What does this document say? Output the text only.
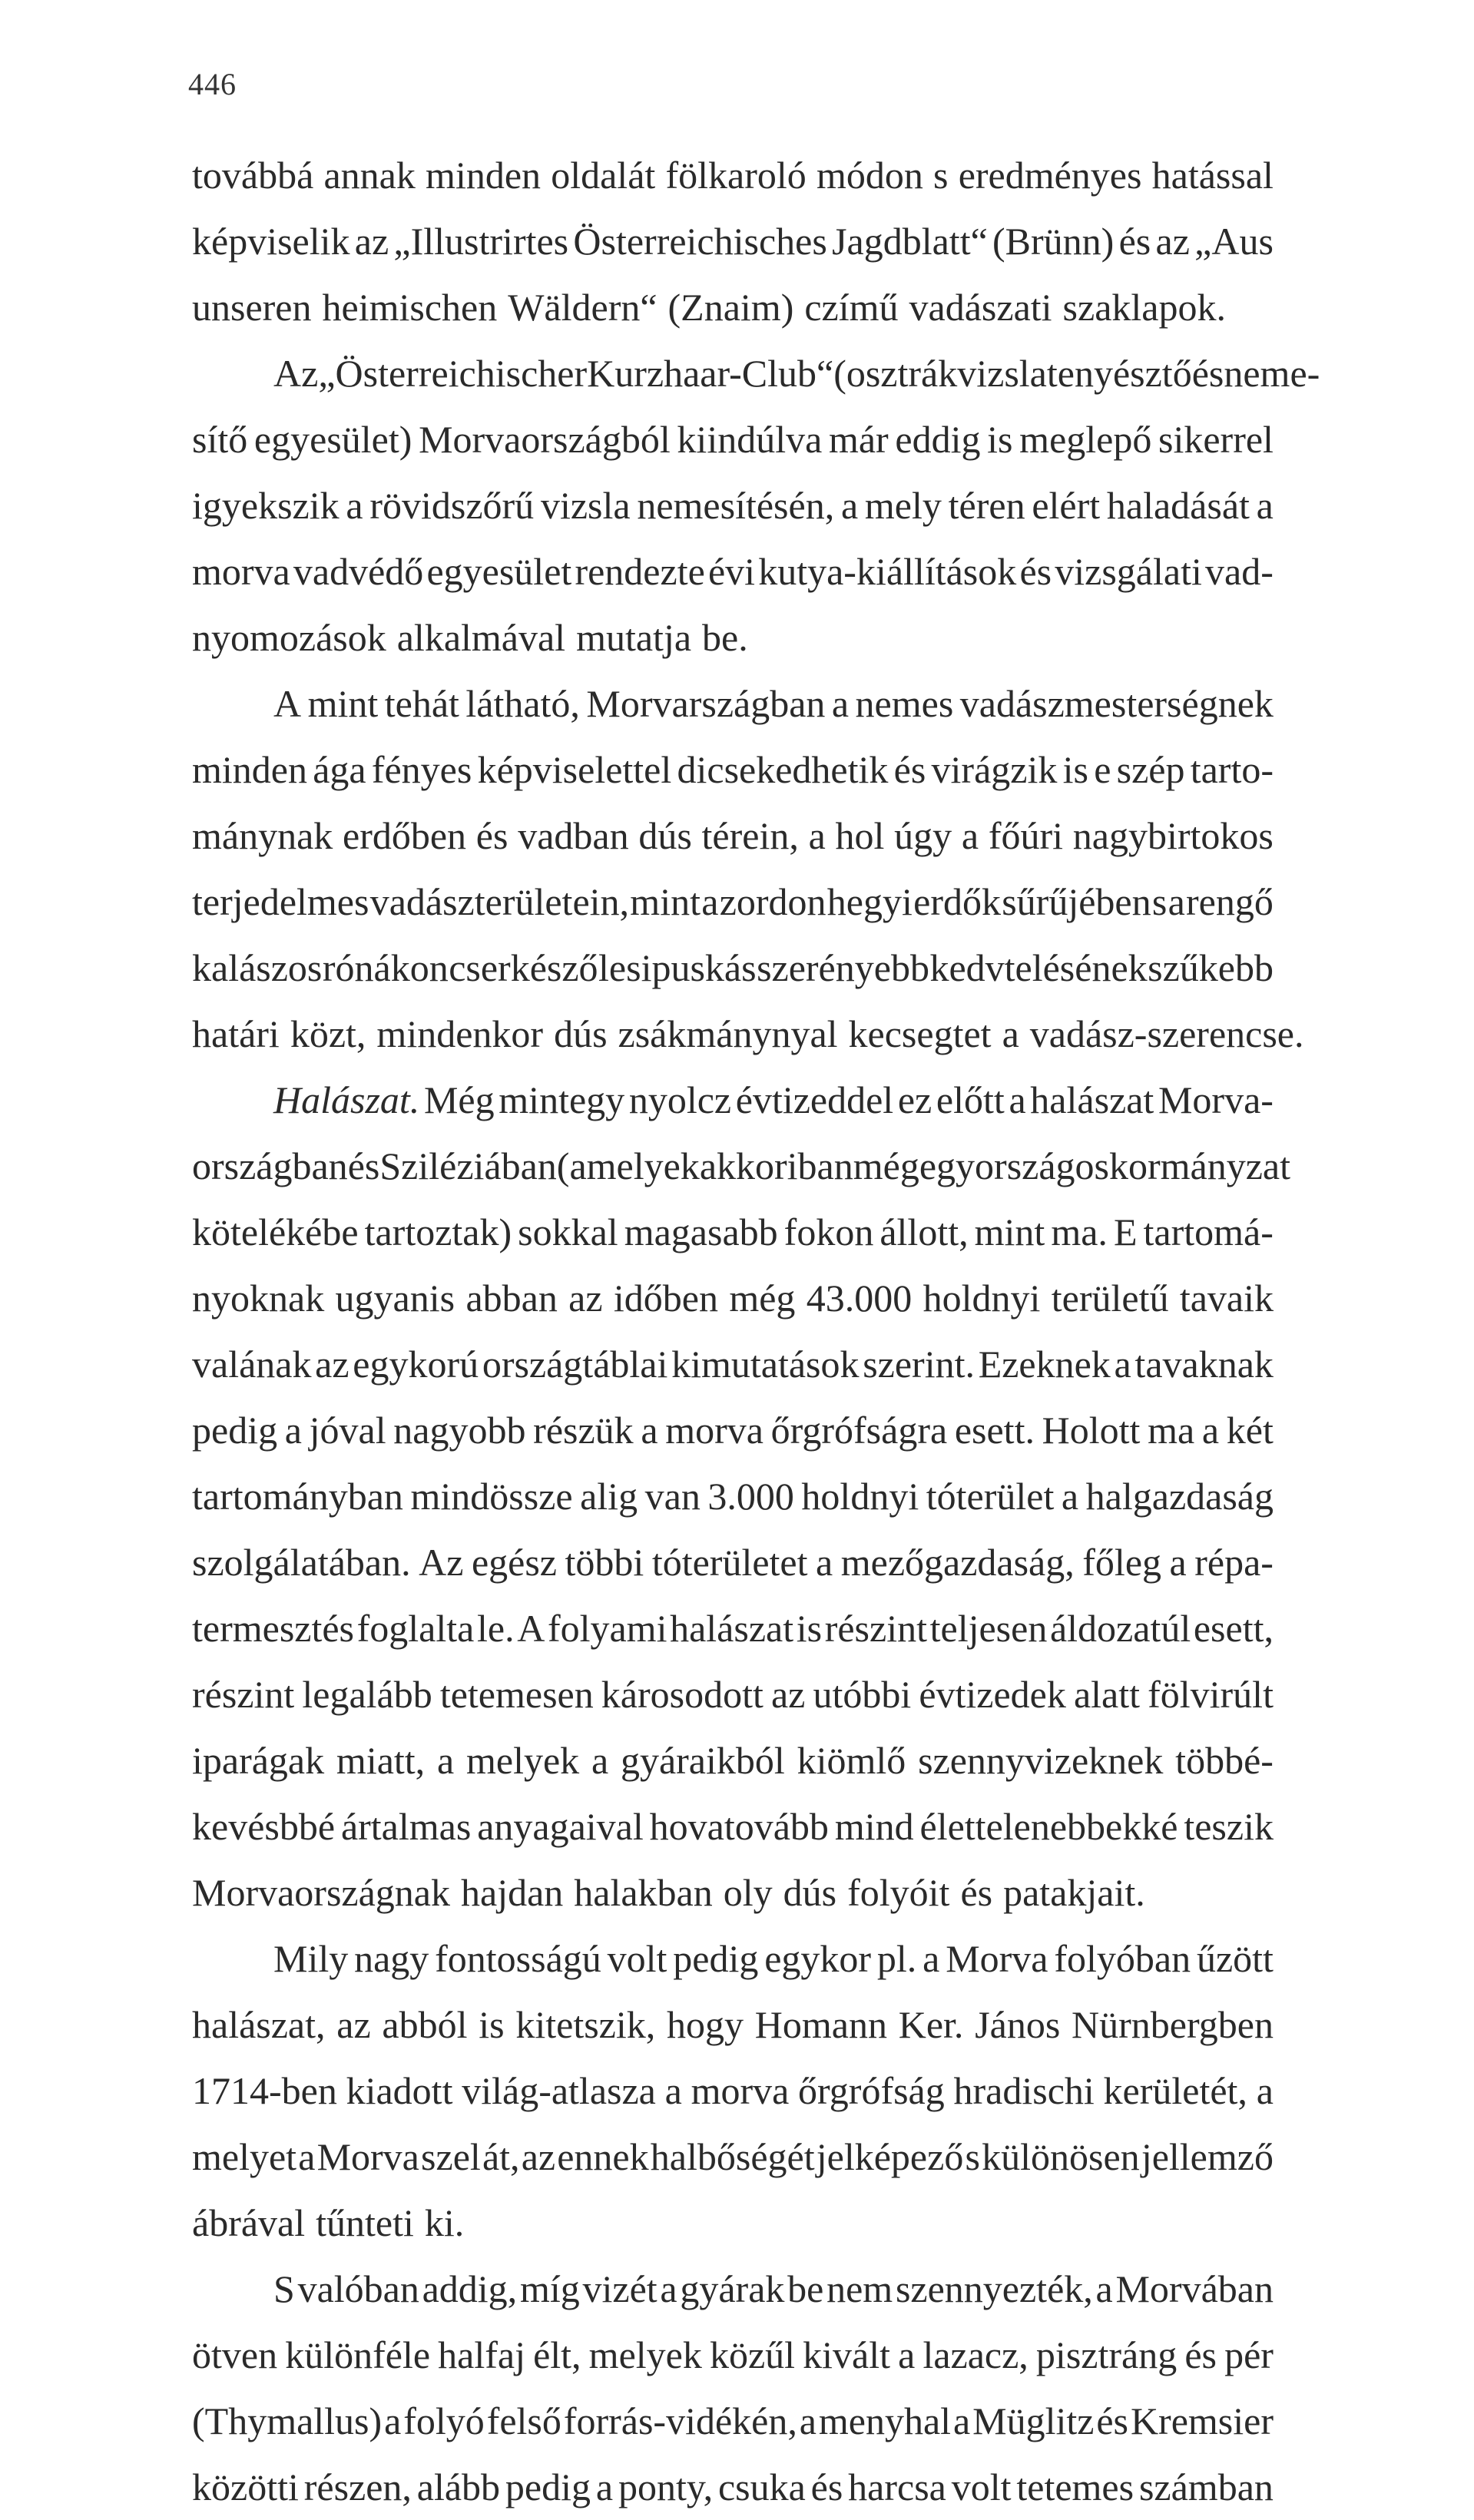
446
továbbá annak minden oldalát fölkaroló módon s eredményes hatással
képviselik az „Illustrirtes Österreichisches Jagdblatt“ (Brünn) és az „Aus
unseren heimischen Wäldern“ (Znaim) czímű vadászati szaklapok.
Az „Österreichischer Kurzhaar-Club“ (osztrák vizslatenyésztő és neme-
sítő egyesület) Morvaországból kiindúlva már eddig is meglepő sikerrel
igyekszik a rövidszőrű vizsla nemesítésén, a mely téren elért haladását a
morva vadvédő egyesület rendezte évi kutya-kiállítások és vizsgálati vad-
nyomozások alkalmával mutatja be.
A mint tehát látható, Morvarszágban a nemes vadászmesterségnek
minden ága fényes képviselettel dicsekedhetik és virágzik is e szép tarto-
mánynak erdőben és vadban dús térein, a hol úgy a főúri nagybirtokos
terjedelmes vadászterületein, mint a zordon hegyi erdők sűrűjében s a rengő
kalászos rónákon cserkésző lesipuskás szerényebb kedvtelésének szűkebb
határi közt, mindenkor dús zsákmánynyal kecsegtet a vadász-szerencse.
Halászat. Még mintegy nyolcz évtizeddel ez előtt a halászat Morva-
országban és Sziléziában (a melyek akkoriban még egy országos kormányzat
kötelékébe tartoztak) sokkal magasabb fokon állott, mint ma. E tartomá-
nyoknak ugyanis abban az időben még 43.000 holdnyi területű tavaik
valának az egykorú országtáblai kimutatások szerint. Ezeknek a tavaknak
pedig a jóval nagyobb részük a morva őrgrófságra esett. Holott ma a két
tartományban mindössze alig van 3.000 holdnyi tóterület a halgazdaság
szolgálatában. Az egész többi tóterületet a mezőgazdaság, főleg a répa-
termesztés foglalta le. A folyami halászat is részint teljesen áldozatúl esett,
részint legalább tetemesen károsodott az utóbbi évtizedek alatt fölvirúlt
iparágak miatt, a melyek a gyáraikból kiömlő szennyvizeknek többé-
kevésbbé ártalmas anyagaival hovatovább mind élettelenebbekké teszik
Morvaországnak hajdan halakban oly dús folyóit és patakjait.
Mily nagy fontosságú volt pedig egykor pl. a Morva folyóban űzött
halászat, az abból is kitetszik, hogy Homann Ker. János Nürnbergben
1714-ben kiadott világ-atlasza a morva őrgrófság hradischi kerületét, a
melyet a Morva szel át, az ennek halbőségét jelképező s különösen jellemző
ábrával tűnteti ki.
S valóban addig, míg vizét a gyárak be nem szennyezték, a Morvában
ötven különféle halfaj élt, melyek közűl kivált a lazacz, pisztráng és pér
(Thymallus) a folyó felső forrás-vidékén, a menyhal a Müglitz és Kremsier
közötti részen, alább pedig a ponty, csuka és harcsa volt tetemes számban
